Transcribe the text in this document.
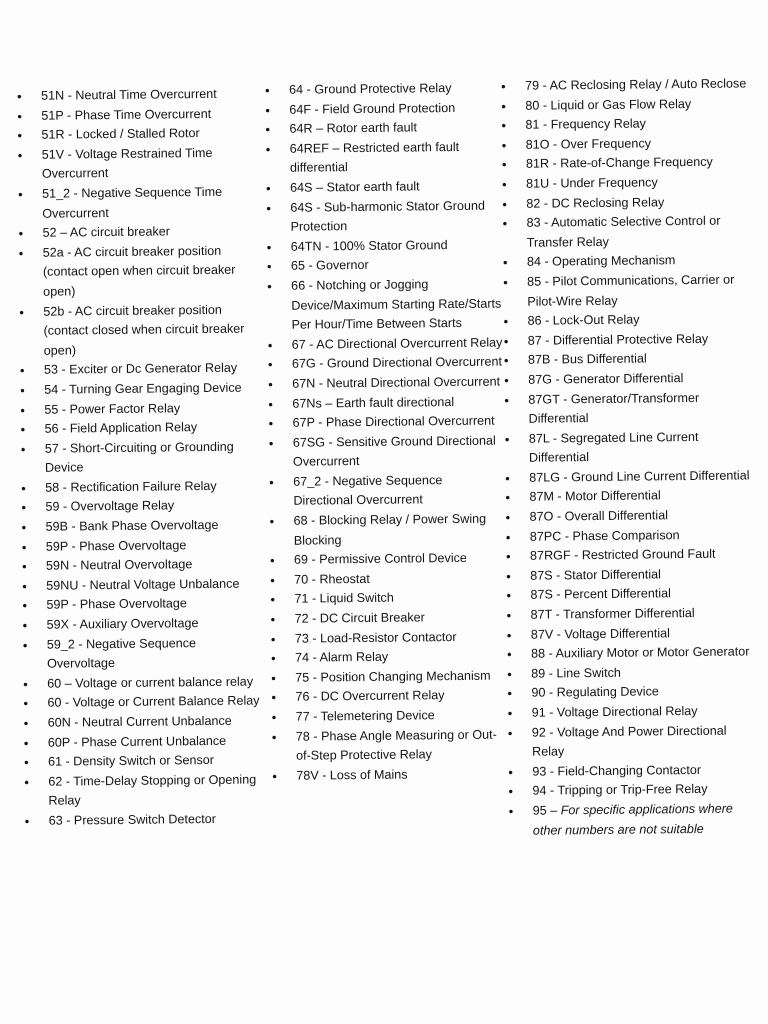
• 51N - Neutral Time Overcurrent
• 51P - Phase Time Overcurrent
• 51R - Locked / Stalled Rotor
• 51V - Voltage Restrained Time Overcurrent
• 51_2 - Negative Sequence Time Overcurrent
• 52 – AC circuit breaker
• 52a - AC circuit breaker position (contact open when circuit breaker open)
• 52b - AC circuit breaker position (contact closed when circuit breaker open)
• 53 - Exciter or Dc Generator Relay
• 54 - Turning Gear Engaging Device
• 55 - Power Factor Relay
• 56 - Field Application Relay
• 57 - Short-Circuiting or Grounding Device
• 58 - Rectification Failure Relay
• 59 - Overvoltage Relay
• 59B - Bank Phase Overvoltage
• 59P - Phase Overvoltage
• 59N - Neutral Overvoltage
• 59NU - Neutral Voltage Unbalance
• 59P - Phase Overvoltage
• 59X - Auxiliary Overvoltage
• 59_2 - Negative Sequence Overvoltage
• 60 – Voltage or current balance relay
• 60 - Voltage or Current Balance Relay
• 60N - Neutral Current Unbalance
• 60P - Phase Current Unbalance
• 61 - Density Switch or Sensor
• 62 - Time-Delay Stopping or Opening Relay
• 63 - Pressure Switch Detector
• 64 - Ground Protective Relay
• 64F - Field Ground Protection
• 64R – Rotor earth fault
• 64REF – Restricted earth fault differential
• 64S – Stator earth fault
• 64S - Sub-harmonic Stator Ground Protection
• 64TN - 100% Stator Ground
• 65 - Governor
• 66 - Notching or Jogging Device/Maximum Starting Rate/Starts Per Hour/Time Between Starts
• 67 - AC Directional Overcurrent Relay
• 67G - Ground Directional Overcurrent
• 67N - Neutral Directional Overcurrent
• 67Ns – Earth fault directional
• 67P - Phase Directional Overcurrent
• 67SG - Sensitive Ground Directional Overcurrent
• 67_2 - Negative Sequence Directional Overcurrent
• 68 - Blocking Relay / Power Swing Blocking
• 69 - Permissive Control Device
• 70 - Rheostat
• 71 - Liquid Switch
• 72 - DC Circuit Breaker
• 73 - Load-Resistor Contactor
• 74 - Alarm Relay
• 75 - Position Changing Mechanism
• 76 - DC Overcurrent Relay
• 77 - Telemetering Device
• 78 - Phase Angle Measuring or Out-of-Step Protective Relay
• 78V - Loss of Mains
• 79 - AC Reclosing Relay / Auto Reclose
• 80 - Liquid or Gas Flow Relay
• 81 - Frequency Relay
• 81O - Over Frequency
• 81R - Rate-of-Change Frequency
• 81U - Under Frequency
• 82 - DC Reclosing Relay
• 83 - Automatic Selective Control or Transfer Relay
• 84 - Operating Mechanism
• 85 - Pilot Communications, Carrier or Pilot-Wire Relay
• 86 - Lock-Out Relay
• 87 - Differential Protective Relay
• 87B - Bus Differential
• 87G - Generator Differential
• 87GT - Generator/Transformer Differential
• 87L - Segregated Line Current Differential
• 87LG - Ground Line Current Differential
• 87M - Motor Differential
• 87O - Overall Differential
• 87PC - Phase Comparison
• 87RGF - Restricted Ground Fault
• 87S - Stator Differential
• 87S - Percent Differential
• 87T - Transformer Differential
• 87V - Voltage Differential
• 88 - Auxiliary Motor or Motor Generator
• 89 - Line Switch
• 90 - Regulating Device
• 91 - Voltage Directional Relay
• 92 - Voltage And Power Directional Relay
• 93 - Field-Changing Contactor
• 94 - Tripping or Trip-Free Relay
• 95 – For specific applications where other numbers are not suitable
